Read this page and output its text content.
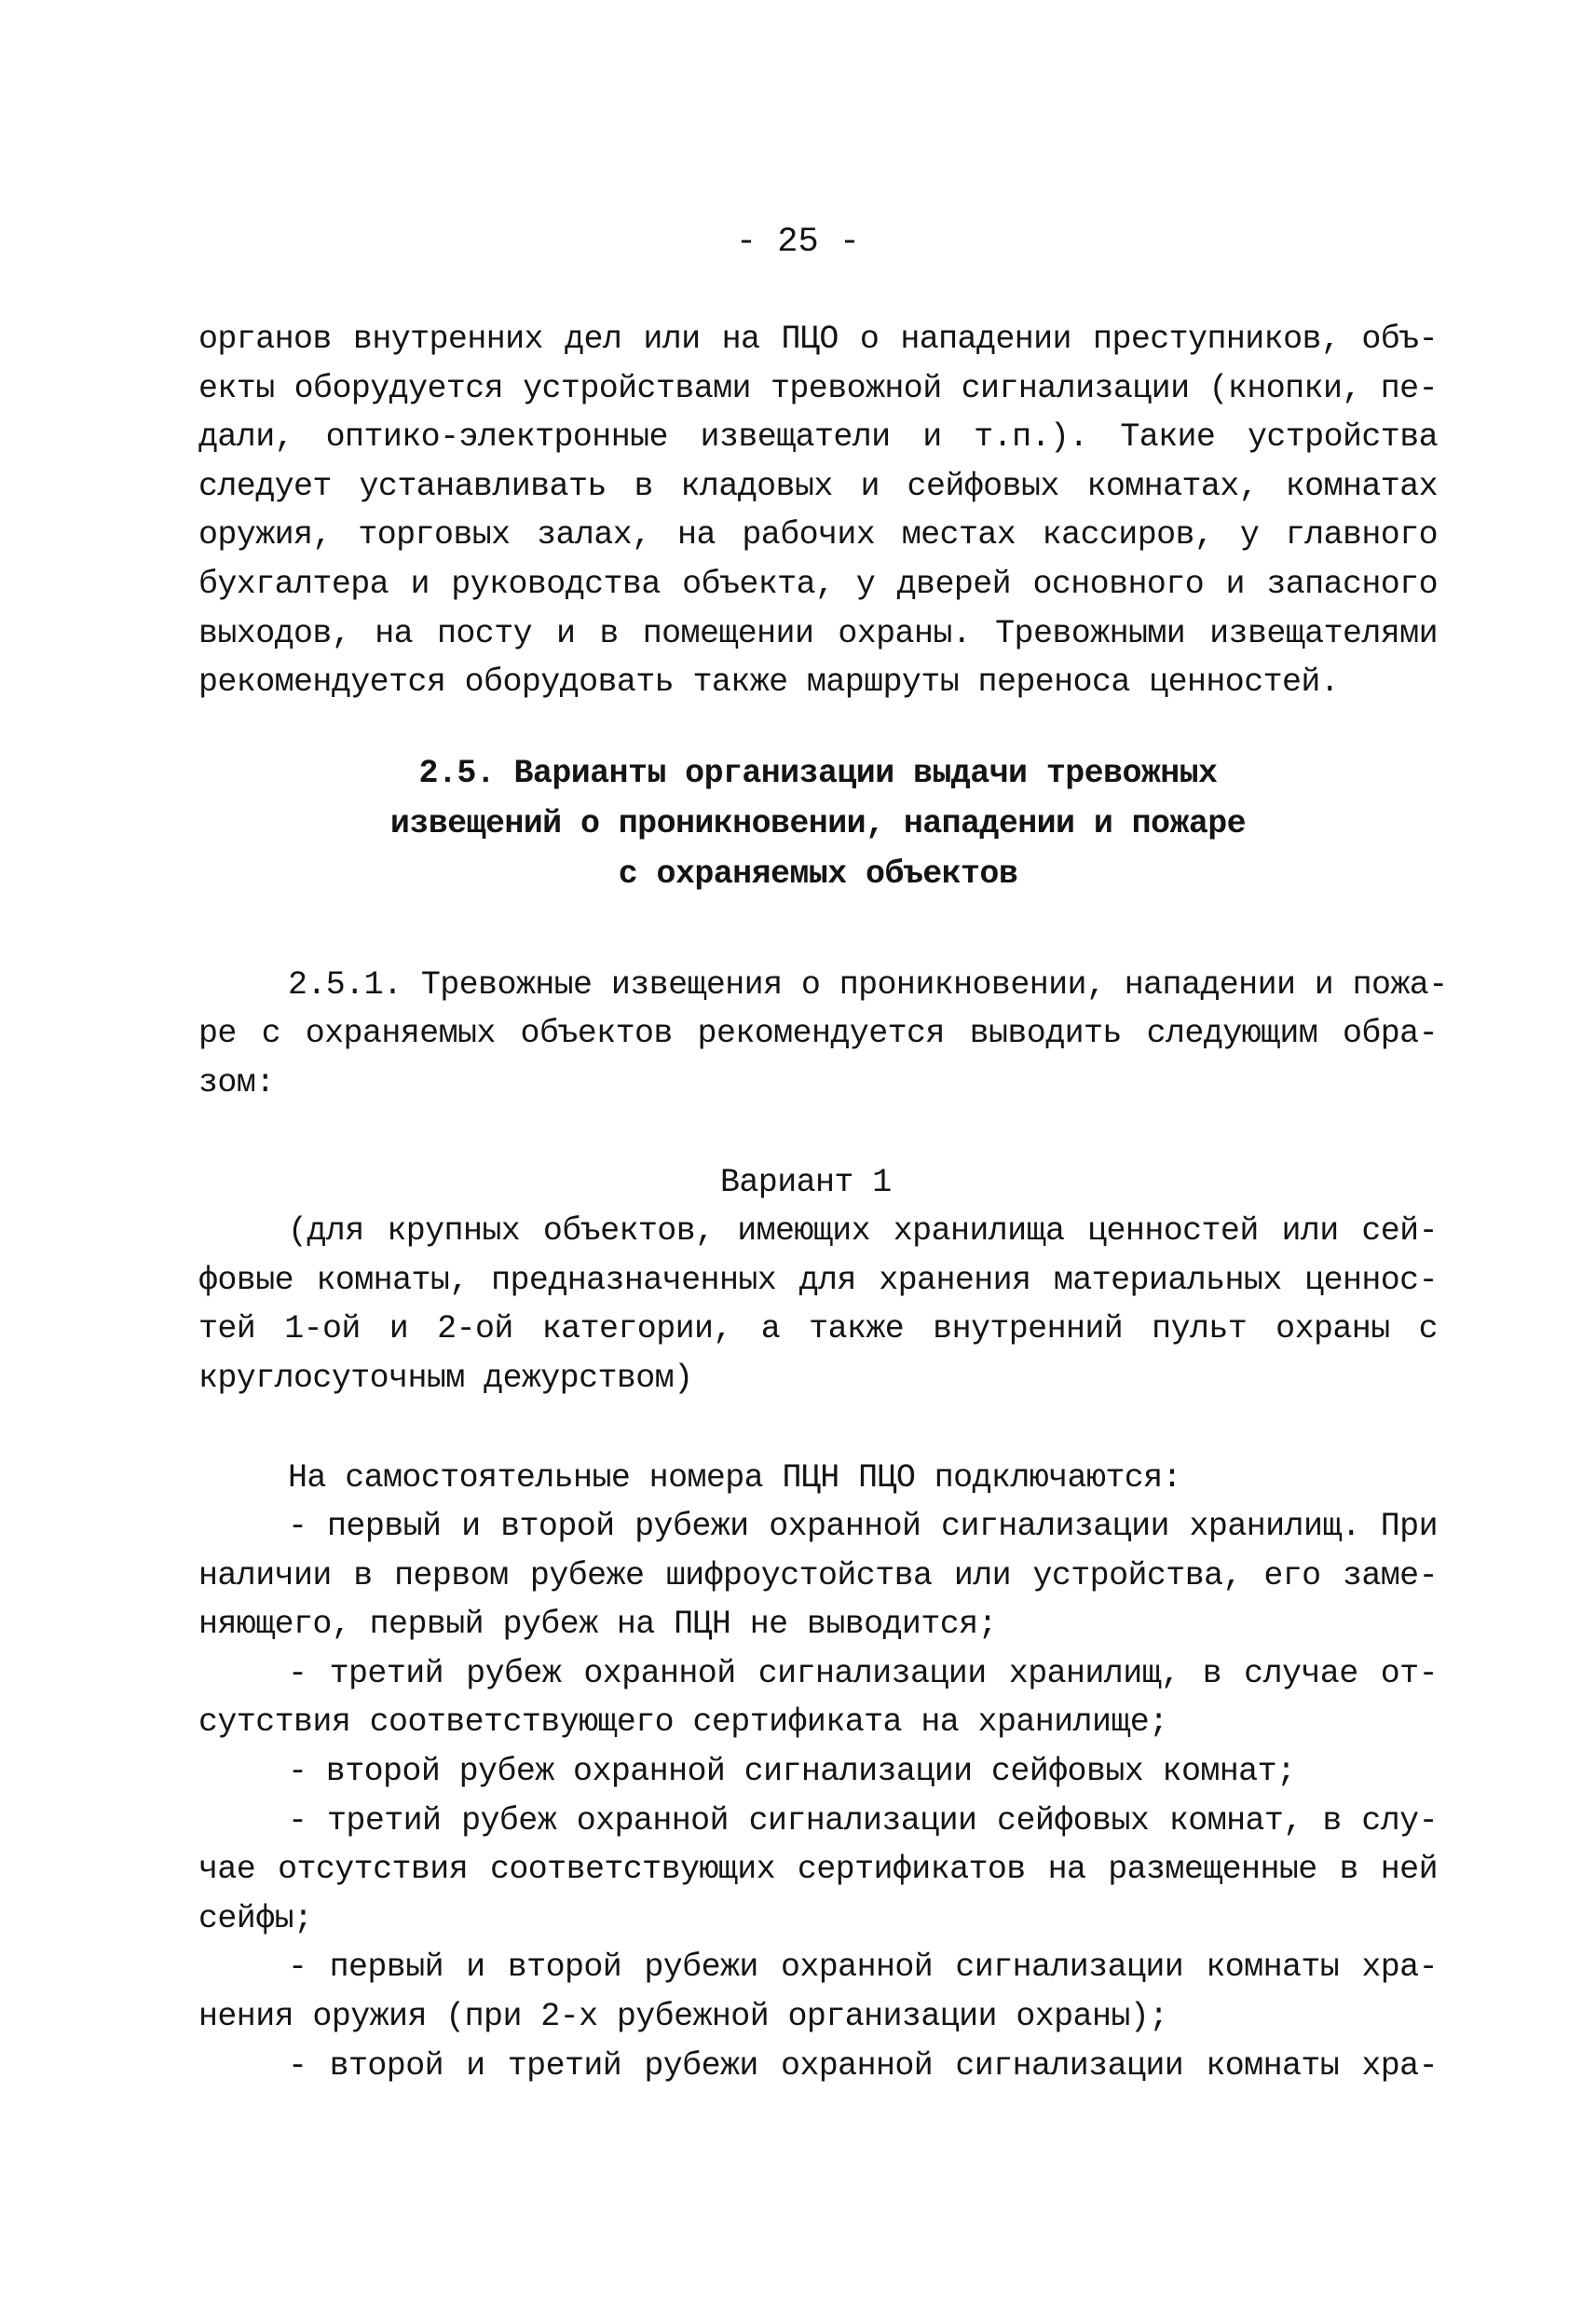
- 25 -
органов внутренних дел или на ПЦО о нападении преступников, объ-
екты оборудуется устройствами тревожной сигнализации (кнопки, пе-
дали, оптико-электронные извещатели и т.п.). Такие устройства
следует устанавливать в кладовых и сейфовых комнатах, комнатах
оружия, торговых залах, на рабочих местах кассиров, у главного
бухгалтера и руководства объекта, у дверей основного и запасного
выходов, на посту и в помещении охраны. Тревожными извещателями
рекомендуется оборудовать также маршруты переноса ценностей.
2.5. Варианты организации выдачи тревожных
извещений о проникновении, нападении и пожаре
с охраняемых объектов
2.5.1. Тревожные извещения о проникновении, нападении и пожа-
ре с охраняемых объектов рекомендуется выводить следующим обра-
зом:
Вариант 1
(для крупных объектов, имеющих хранилища ценностей или сей-
фовые комнаты, предназначенных для хранения материальных ценнос-
тей 1-ой и 2-ой категории, а также внутренний пульт охраны с
круглосуточным дежурством)
На самостоятельные номера ПЦН ПЦО подключаются:
- первый и второй рубежи охранной сигнализации хранилищ. При
наличии в первом рубеже шифроустойства или устройства, его заме-
няющего, первый рубеж на ПЦН не выводится;
- третий рубеж охранной сигнализации хранилищ, в случае от-
сутствия соответствующего сертификата на хранилище;
- второй рубеж охранной сигнализации сейфовых комнат;
- третий рубеж охранной сигнализации сейфовых комнат, в слу-
чае отсутствия соответствующих сертификатов на размещенные в ней
сейфы;
- первый и второй рубежи охранной сигнализации комнаты хра-
нения оружия (при 2-х рубежной организации охраны);
- второй и третий рубежи охранной сигнализации комнаты хра-
